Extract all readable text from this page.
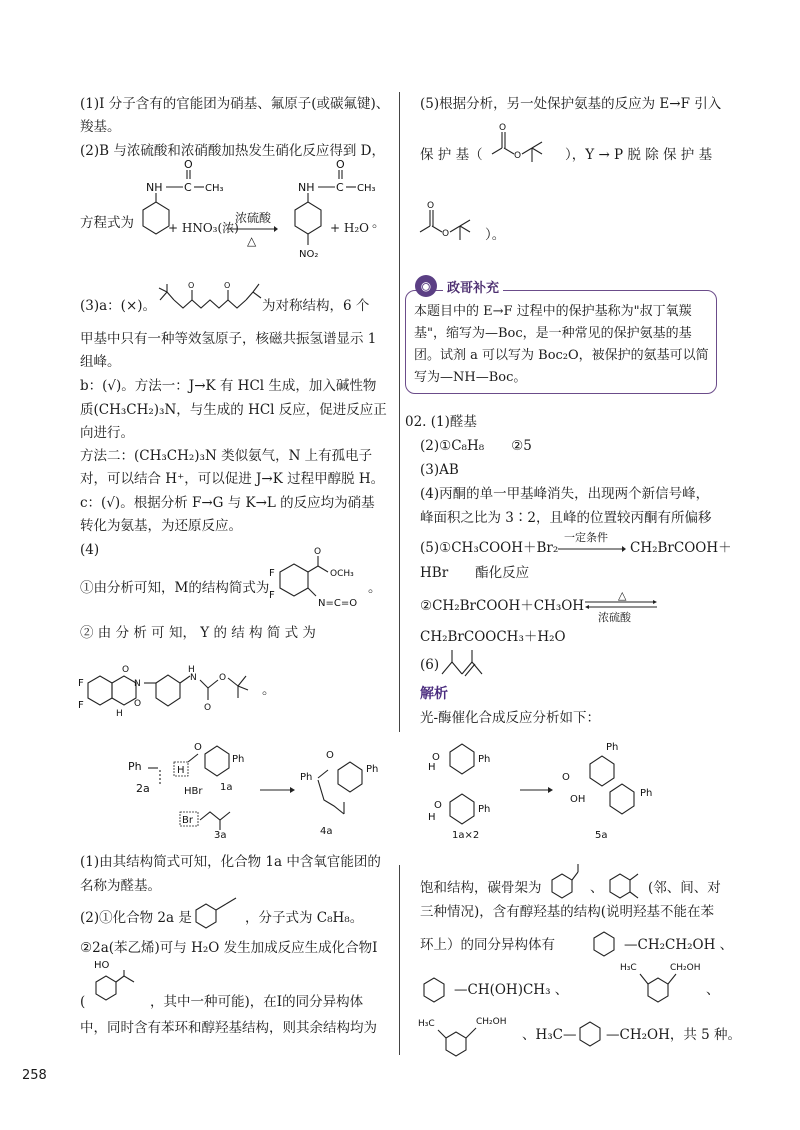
(1)I 分子含有的官能团为硝基、氟原子(或碳氟键)、
羧基。
(2)B 与浓硫酸和浓硝酸加热发生硝化反应得到 D，
方程式为
NH C
O
CH₃
+ HNO₃(浓)
浓硫酸
△
NH C
O
CH₃
NO₂
+ H₂O 。
(3)a：(×)。
O	O
为对称结构，6 个
甲基中只有一种等效氢原子，核磁共振氢谱显示 1
组峰。
b：(√)。方法一：J→K 有 HCl 生成，加入碱性物
质(CH₃CH₂)₃N，与生成的 HCl 反应，促进反应正
向进行。
方法二：(CH₃CH₂)₃N 类似氨气，N 上有孤电子
对，可以结合 H⁺，可以促进 J→K 过程甲醇脱 H。
c：(√)。根据分析 F→G 与 K→L 的反应均为硝基
转化为氨基，为还原反应。
(4)
①由分析可知，M的结构简式为
F
F
O
OCH₃
N=C=O
。
② 由 分 析 可 知， Y 的 结 构 简 式 为
F
F
O
N
O
H
H
N
O
O
。
(5)根据分析，另一处保护氨基的反应为 E→F 引入
保 护 基（
O
O	），Y → P 脱 除 保 护 基
O
O	）。
◉	政哥补充
本题目中的 E→F 过程中的保护基称为"叔丁氧羰
基"，缩写为—Boc，是一种常见的保护氨基的基
团。试剂 a 可以写为 Boc₂O，被保护的氨基可以简
写为—NH—Boc。
02. (1)醛基
(2)①C₈H₈　　②5
(3)AB
(4)丙酮的单一甲基峰消失，出现两个新信号峰，
峰面积之比为 3∶2，且峰的位置较丙酮有所偏移
(5)①CH₃COOH＋Br₂
一定条件
CH₂BrCOOH＋
HBr　　酯化反应
②CH₂BrCOOH＋CH₃OH
△
浓硫酸
CH₂BrCOOCH₃＋H₂O
(6)
解析
光-酶催化合成反应分析如下：
Ph
2a
H
O
Ph
1a
HBr
Br
3a
Ph
O
Ph
4a
H
O	Ph
H
O	Ph
1a×2
O
OH
Ph
Ph
5a
(1)由其结构简式可知，化合物 1a 中含氧官能团的
名称为醛基。
(2)①化合物 2a 是	，分子式为 C₈H₈。
②2a(苯乙烯)可与 H₂O 发生加成反应生成化合物Ⅰ
HO
(	，其中一种可能)，在Ⅰ的同分异构体
中，同时含有苯环和醇羟基结构，则其余结构均为
饱和结构，碳骨架为	、	(邻、间、对
三种情况)，含有醇羟基的结构(说明羟基不能在苯
环上）的同分异构体有	—CH₂CH₂OH 、
—CH(OH)CH₃ 、
H₃C	CH₂OH
、
H₃C	CH₂OH
、H₃C— —CH₂OH，共 5 种。
258
